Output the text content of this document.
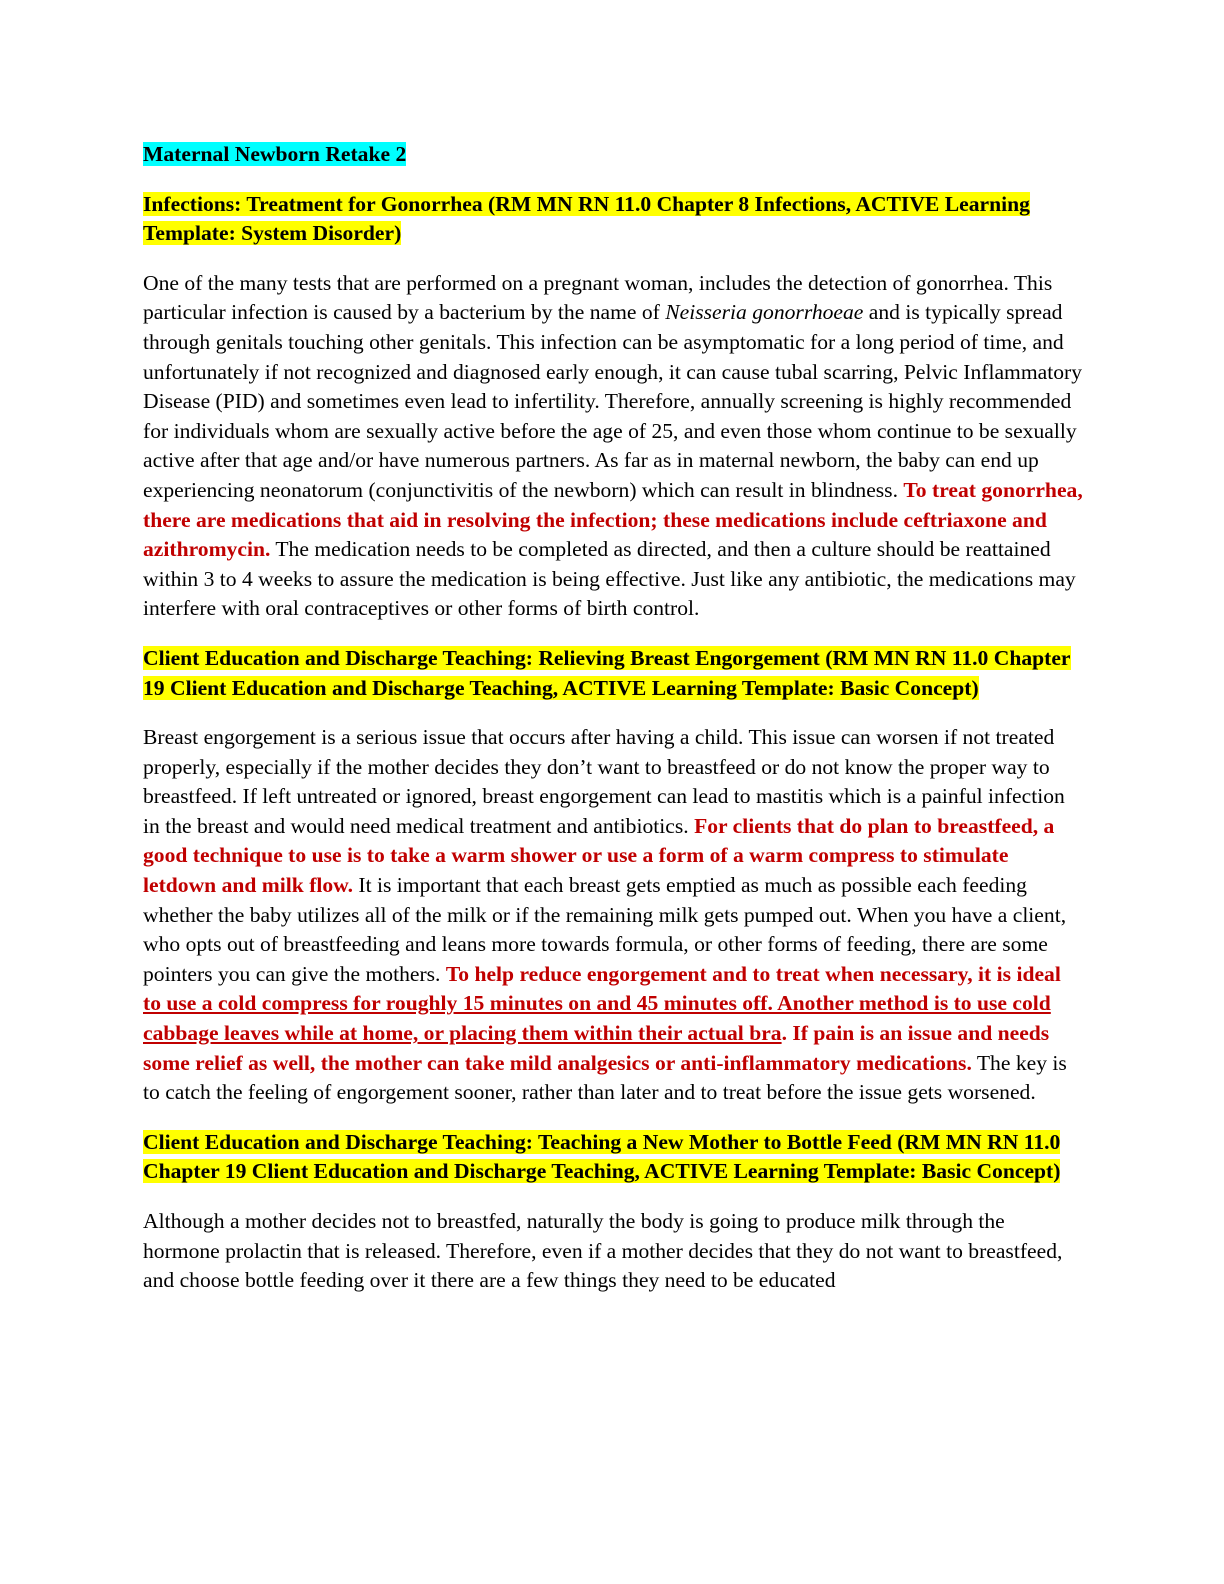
Maternal Newborn Retake 2

Infections: Treatment for Gonorrhea (RM MN RN 11.0 Chapter 8 Infections, ACTIVE Learning Template: System Disorder)

One of the many tests that are performed on a pregnant woman, includes the detection of gonorrhea. This particular infection is caused by a bacterium by the name of Neisseria gonorrhoeae and is typically spread through genitals touching other genitals. This infection can be asymptomatic for a long period of time, and unfortunately if not recognized and diagnosed early enough, it can cause tubal scarring, Pelvic Inflammatory Disease (PID) and sometimes even lead to infertility. Therefore, annually screening is highly recommended for individuals whom are sexually active before the age of 25, and even those whom continue to be sexually active after that age and/or have numerous partners. As far as in maternal newborn, the baby can end up experiencing neonatorum (conjunctivitis of the newborn) which can result in blindness. To treat gonorrhea, there are medications that aid in resolving the infection; these medications include ceftriaxone and azithromycin. The medication needs to be completed as directed, and then a culture should be reattained within 3 to 4 weeks to assure the medication is being effective. Just like any antibiotic, the medications may interfere with oral contraceptives or other forms of birth control.

Client Education and Discharge Teaching: Relieving Breast Engorgement (RM MN RN 11.0 Chapter 19 Client Education and Discharge Teaching, ACTIVE Learning Template: Basic Concept)

Breast engorgement is a serious issue that occurs after having a child. This issue can worsen if not treated properly, especially if the mother decides they don’t want to breastfeed or do not know the proper way to breastfeed. If left untreated or ignored, breast engorgement can lead to mastitis which is a painful infection in the breast and would need medical treatment and antibiotics. For clients that do plan to breastfeed, a good technique to use is to take a warm shower or use a form of a warm compress to stimulate letdown and milk flow. It is important that each breast gets emptied as much as possible each feeding whether the baby utilizes all of the milk or if the remaining milk gets pumped out. When you have a client, who opts out of breastfeeding and leans more towards formula, or other forms of feeding, there are some pointers you can give the mothers. To help reduce engorgement and to treat when necessary, it is ideal to use a cold compress for roughly 15 minutes on and 45 minutes off. Another method is to use cold cabbage leaves while at home, or placing them within their actual bra. If pain is an issue and needs some relief as well, the mother can take mild analgesics or anti-inflammatory medications. The key is to catch the feeling of engorgement sooner, rather than later and to treat before the issue gets worsened.

Client Education and Discharge Teaching: Teaching a New Mother to Bottle Feed (RM MN RN 11.0 Chapter 19 Client Education and Discharge Teaching, ACTIVE Learning Template: Basic Concept)

Although a mother decides not to breastfed, naturally the body is going to produce milk through the hormone prolactin that is released. Therefore, even if a mother decides that they do not want to breastfeed, and choose bottle feeding over it there are a few things they need to be educated
